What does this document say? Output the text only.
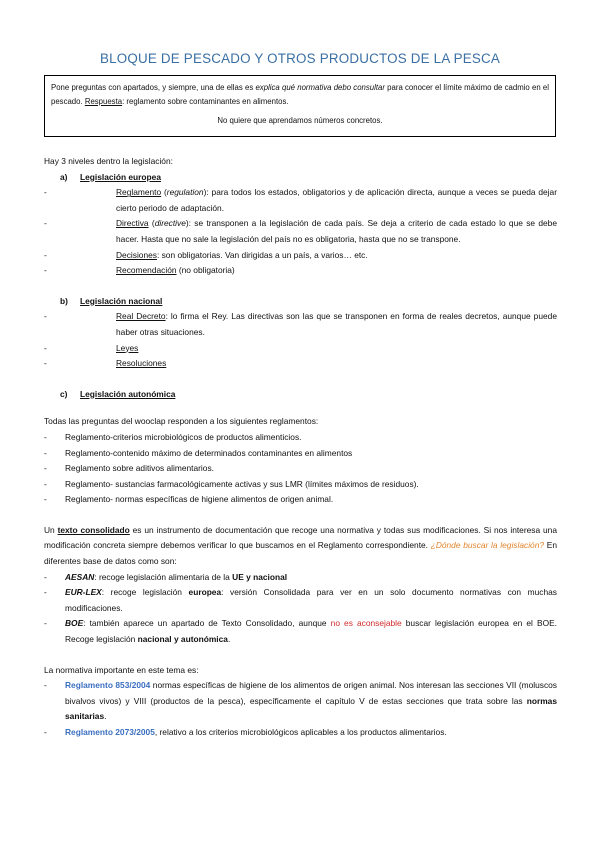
BLOQUE DE PESCADO Y OTROS PRODUCTOS DE LA PESCA

Pone preguntas con apartados, y siempre, una de ellas es explica qué normativa debo consultar para conocer el límite máximo de cadmio en el pescado. Respuesta: reglamento sobre contaminantes en alimentos.

No quiere que aprendamos números concretos.

Hay 3 niveles dentro la legislación:

a) Legislación europea
-	Reglamento (regulation): para todos los estados, obligatorios y de aplicación directa, aunque a veces se pueda dejar cierto periodo de adaptación.
-	Directiva (directive): se transponen a la legislación de cada país. Se deja a criterio de cada estado lo que se debe hacer. Hasta que no sale la legislación del país no es obligatoria, hasta que no se transpone.
-	Decisiones: son obligatorias. Van dirigidas a un país, a varios… etc.
-	Recomendación (no obligatoria)
b) Legislación nacional
-	Real Decreto: lo firma el Rey. Las directivas son las que se transponen en forma de reales decretos, aunque puede haber otras situaciones.
-	Leyes
-	Resoluciones
c) Legislación autonómica

Todas las preguntas del wooclap responden a los siguientes reglamentos:

- Reglamento-criterios microbiológicos de productos alimenticios.
- Reglamento-contenido máximo de determinados contaminantes en alimentos
- Reglamento sobre aditivos alimentarios.
- Reglamento- sustancias farmacológicamente activas y sus LMR (límites máximos de residuos).
- Reglamento- normas específicas de higiene alimentos de origen animal.

Un texto consolidado es un instrumento de documentación que recoge una normativa y todas sus modificaciones. Si nos interesa una modificación concreta siempre debemos verificar lo que buscamos en el Reglamento correspondiente. ¿Dónde buscar la legislación? En diferentes base de datos como son:

- AESAN: recoge legislación alimentaria de la UE y nacional
- EUR-LEX: recoge legislación europea: versión Consolidada para ver en un solo documento normativas con muchas modificaciones.
- BOE: también aparece un apartado de Texto Consolidado, aunque no es aconsejable buscar legislación europea en el BOE. Recoge legislación nacional y autonómica.

La normativa importante en este tema es:

- Reglamento 853/2004 normas específicas de higiene de los alimentos de origen animal. Nos interesan las secciones VII (moluscos bivalvos vivos) y VIII (productos de la pesca), específicamente el capítulo V de estas secciones que trata sobre las normas sanitarias.
- Reglamento 2073/2005, relativo a los criterios microbiológicos aplicables a los productos alimentarios.
